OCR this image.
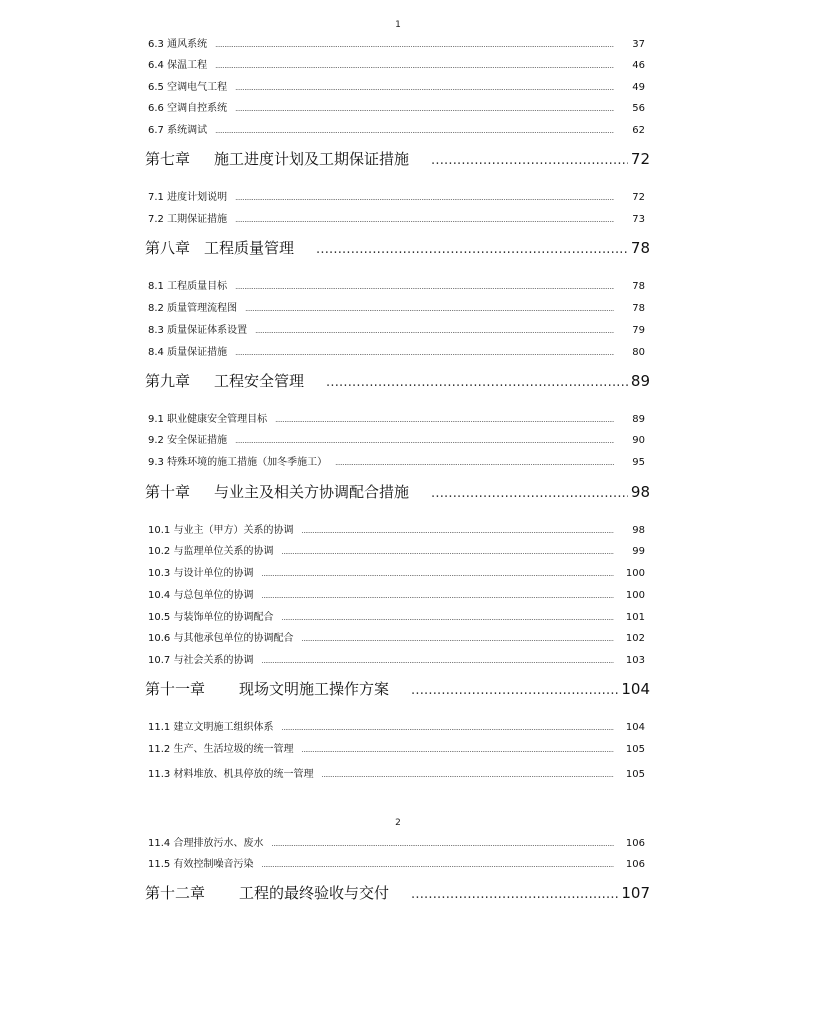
1
6.3 通风系统 .....	37
6.4 保温工程 .....	46
6.5 空调电气工程 .....	49
6.6 空调自控系统 .....	56
6.7 系统调试 .....	62
第七章 施工进度计划及工期保证措施 .....	72
7.1 进度计划说明 .....	72
7.2 工期保证措施 .....	73
第八章 工程质量管理 .....	78
8.1 工程质量目标 .....	78
8.2 质量管理流程图 .....	78
8.3 质量保证体系设置 .....	79
8.4 质量保证措施 .....	80
第九章 工程安全管理 .....	89
9.1 职业健康安全管理目标 .....	89
9.2 安全保证措施 .....	90
9.3 特殊环境的施工措施（加冬季施工） .....	95
第十章 与业主及相关方协调配合措施 .....	98
10.1 与业主（甲方）关系的协调 .....	98
10.2 与监理单位关系的协调 .....	99
10.3 与设计单位的协调 .....	100
10.4 与总包单位的协调 .....	100
10.5 与装饰单位的协调配合 .....	101
10.6 与其他承包单位的协调配合 .....	102
10.7 与社会关系的协调 .....	103
第十一章 现场文明施工操作方案 .....	104
11.1 建立文明施工组织体系 .....	104
11.2 生产、生活垃圾的统一管理 .....	105
11.3 材料堆放、机具停放的统一管理 .....	105
2
11.4 合理排放污水、废水 .....	106
11.5 有效控制噪音污染 .....	106
第十二章 工程的最终验收与交付 .....	107
